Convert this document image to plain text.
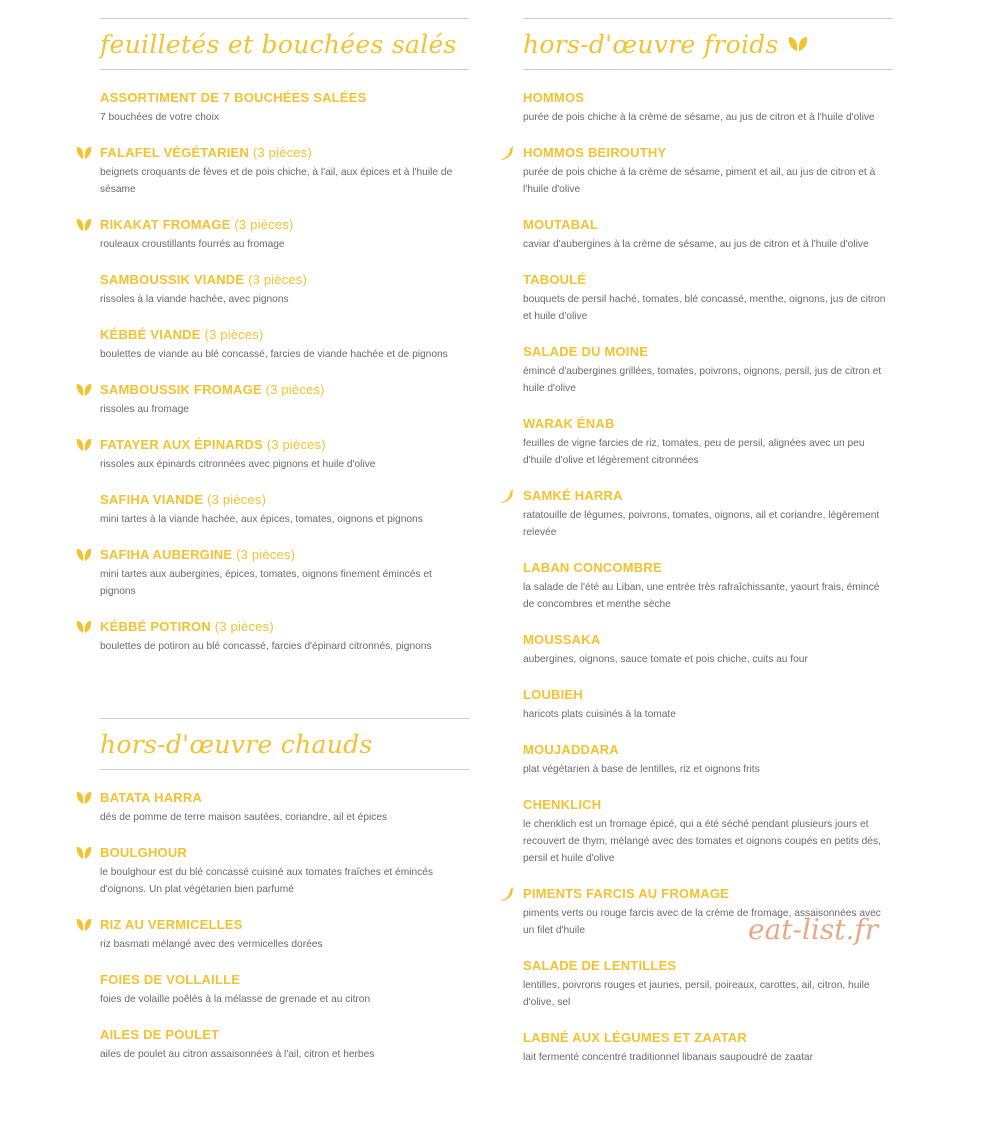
feuilletés et bouchées salés
ASSORTIMENT DE 7 BOUCHÉES SALÉES
7 bouchées de votre choix
FALAFEL VÉGÉTARIEN (3 pièces)
beignets croquants de fèves et de pois chiche, à l'ail, aux épices et à l'huile de sésame
RIKAKAT FROMAGE (3 pièces)
rouleaux croustillants fourrés au fromage
SAMBOUSSIK VIANDE (3 pièces)
rissoles à la viande hachée, avec pignons
KÉBBÉ VIANDE (3 pièces)
boulettes de viande au blé concassé, farcies de viande hachée et de pignons
SAMBOUSSIK FROMAGE (3 pièces)
rissoles au fromage
FATAYER AUX ÉPINARDS (3 pièces)
rissoles aux épinards citronnées avec pignons et huile d'olive
SAFIHA VIANDE (3 pièces)
mini tartes à la viande hachée, aux épices, tomates, oignons et pignons
SAFIHA AUBERGINE (3 pièces)
mini tartes aux aubergines, épices, tomates, oignons finement émincés et pignons
KÉBBÉ POTIRON (3 pièces)
boulettes de potiron au blé concassé, farcies d'épinard citronnés, pignons
hors-d'œuvre chauds
BATATA HARRA
dés de pomme de terre maison sautées, coriandre, ail et épices
BOULGHOUR
le boulghour est du blé concassé cuisiné aux tomates fraîches et émincés d'oignons. Un plat végétarien bien parfumé
RIZ AU VERMICELLES
riz basmati mélangé avec des vermicelles dorées
FOIES DE VOLLAILLE
foies de volaille poêlés à la mélasse de grenade et au citron
AILES DE POULET
ailes de poulet au citron assaisonnées à l'ail, citron et herbes
hors-d'œuvre froids
HOMMOS
purée de pois chiche à la crème de sésame, au jus de citron et à l'huile d'olive
HOMMOS BEIROUTHY
purée de pois chiche à la crème de sésame, piment et ail, au jus de citron et à l'huile d'olive
MOUTABAL
caviar d'aubergines à la crème de sésame, au jus de citron et à l'huile d'olive
TABOULÉ
bouquets de persil haché, tomates, blé concassé, menthe, oignons, jus de citron et huile d'olive
SALADE DU MOINE
émincé d'aubergines grillées, tomates, poivrons, oignons, persil, jus de citron et huile d'olive
WARAK ÉNAB
feuilles de vigne farcies de riz, tomates, peu de persil, alignées avec un peu d'huile d'olive et légèrement citronnées
SAMKÉ HARRA
ratatouille de légumes, poivrons, tomates, oignons, ail et coriandre, légèrement relevée
LABAN CONCOMBRE
la salade de l'été au Liban, une entrée très rafraîchissante, yaourt frais, émincé de concombres et menthe sèche
MOUSSAKA
aubergines, oignons, sauce tomate et pois chiche, cuits au four
LOUBIEH
haricots plats cuisinés à la tomate
MOUJADDARA
plat végétarien à base de lentilles, riz et oignons frits
CHENKLICH
le chenklich est un fromage épicé, qui a été séché pendant plusieurs jours et recouvert de thym, mélangé avec des tomates et oignons coupés en petits dés, persil et huile d'olive
PIMENTS FARCIS AU FROMAGE
piments verts ou rouge farcis avec de la crème de fromage, assaisonnées avec un filet d'huile
SALADE DE LENTILLES
lentilles, poivrons rouges et jaunes, persil, poireaux, carottes, ail, citron, huile d'olive, sel
LABNÉ AUX LÉGUMES ET ZAATAR
lait fermenté concentré traditionnel libanais saupoudré de zaatar
eat-list.fr
